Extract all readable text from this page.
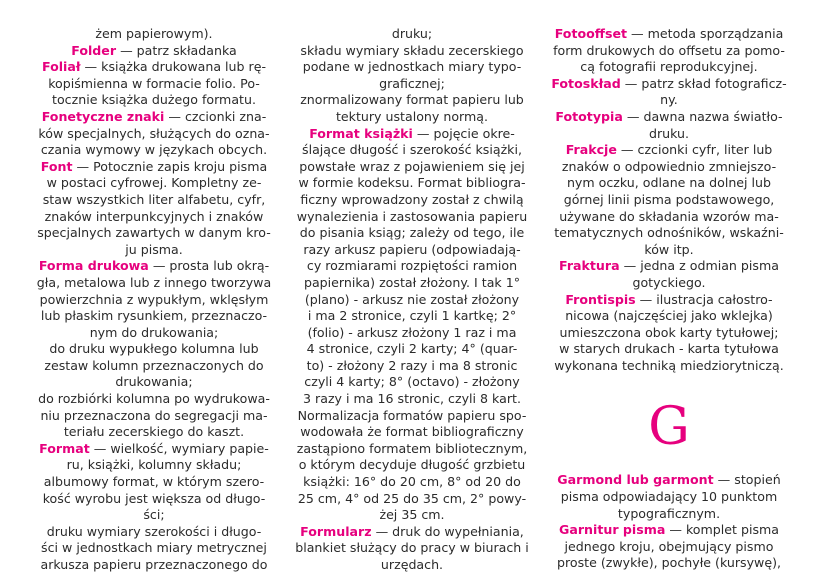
żem papierowym).
Folder — patrz składanka
Foliał — książka drukowana lub rę-
kopiśmienna w formacie folio. Po-
tocznie książka dużego formatu.
Fonetyczne znaki — czcionki zna-
ków specjalnych, służących do ozna-
czania wymowy w językach obcych.
Font — Potocznie zapis kroju pisma
w postaci cyfrowej. Kompletny ze-
staw wszystkich liter alfabetu, cyfr,
znaków interpunkcyjnych i znaków
specjalnych zawartych w danym kro-
ju pisma.
Forma drukowa — prosta lub okrą-
gła, metalowa lub z innego tworzywa
powierzchnia z wypukłym, wklęsłym
lub płaskim rysunkiem, przeznaczo-
nym do drukowania;
do druku wypukłego kolumna lub
zestaw kolumn przeznaczonych do
drukowania;
do rozbiórki kolumna po wydrukowa-
niu przeznaczona do segregacji ma-
teriału zecerskiego do kaszt.
Format — wielkość, wymiary papie-
ru, książki, kolumny składu;
albumowy format, w którym szero-
kość wyrobu jest większa od długo-
ści;
druku wymiary szerokości i długo-
ści w jednostkach miary metrycznej
arkusza papieru przeznaczonego do
druku;
składu wymiary składu zecerskiego
podane w jednostkach miary typo-
graficznej;
znormalizowany format papieru lub
tektury ustalony normą.
Format książki — pojęcie okre-
ślające długość i szerokość książki,
powstałe wraz z pojawieniem się jej
w formie kodeksu. Format bibliogra-
ficzny wprowadzony został z chwilą
wynalezienia i zastosowania papieru
do pisania ksiąg; zależy od tego, ile
razy arkusz papieru (odpowiadają-
cy rozmiarami rozpiętości ramion
papiernika) został złożony. I tak 1°
(plano) - arkusz nie został złożony
i ma 2 stronice, czyli 1 kartkę; 2°
(folio) - arkusz złożony 1 raz i ma
4 stronice, czyli 2 karty; 4° (quar-
to) - złożony 2 razy i ma 8 stronic
czyli 4 karty; 8° (octavo) - złożony
3 razy i ma 16 stronic, czyli 8 kart.
Normalizacja formatów papieru spo-
wodowała że format bibliograficzny
zastąpiono formatem bibliotecznym,
o którym decyduje długość grzbietu
książki: 16° do 20 cm, 8° od 20 do
25 cm, 4° od 25 do 35 cm, 2° powy-
żej 35 cm.
Formularz — druk do wypełniania,
blankiet służący do pracy w biurach i
urzędach.
Fotooffset — metoda sporządzania
form drukowych do offsetu za pomo-
cą fotografii reprodukcyjnej.
Fotoskład — patrz skład fotograficz-
ny.
Fototypia — dawna nazwa światło-
druku.
Frakcje — czcionki cyfr, liter lub
znaków o odpowiednio zmniejszo-
nym oczku, odlane na dolnej lub
górnej linii pisma podstawowego,
używane do składania wzorów ma-
tematycznych odnośników, wskaźni-
ków itp.
Fraktura — jedna z odmian pisma
gotyckiego.
Frontispis — ilustracja całostro-
nicowa (najczęściej jako wklejka)
umieszczona obok karty tytułowej;
w starych drukach - karta tytułowa
wykonana techniką miedziorytniczą.
G
Garmond lub garmont — stopień
pisma odpowiadający 10 punktom
typograficznym.
Garnitur pisma — komplet pisma
jednego kroju, obejmujący pismo
proste (zwykłe), pochyłe (kursywę),
